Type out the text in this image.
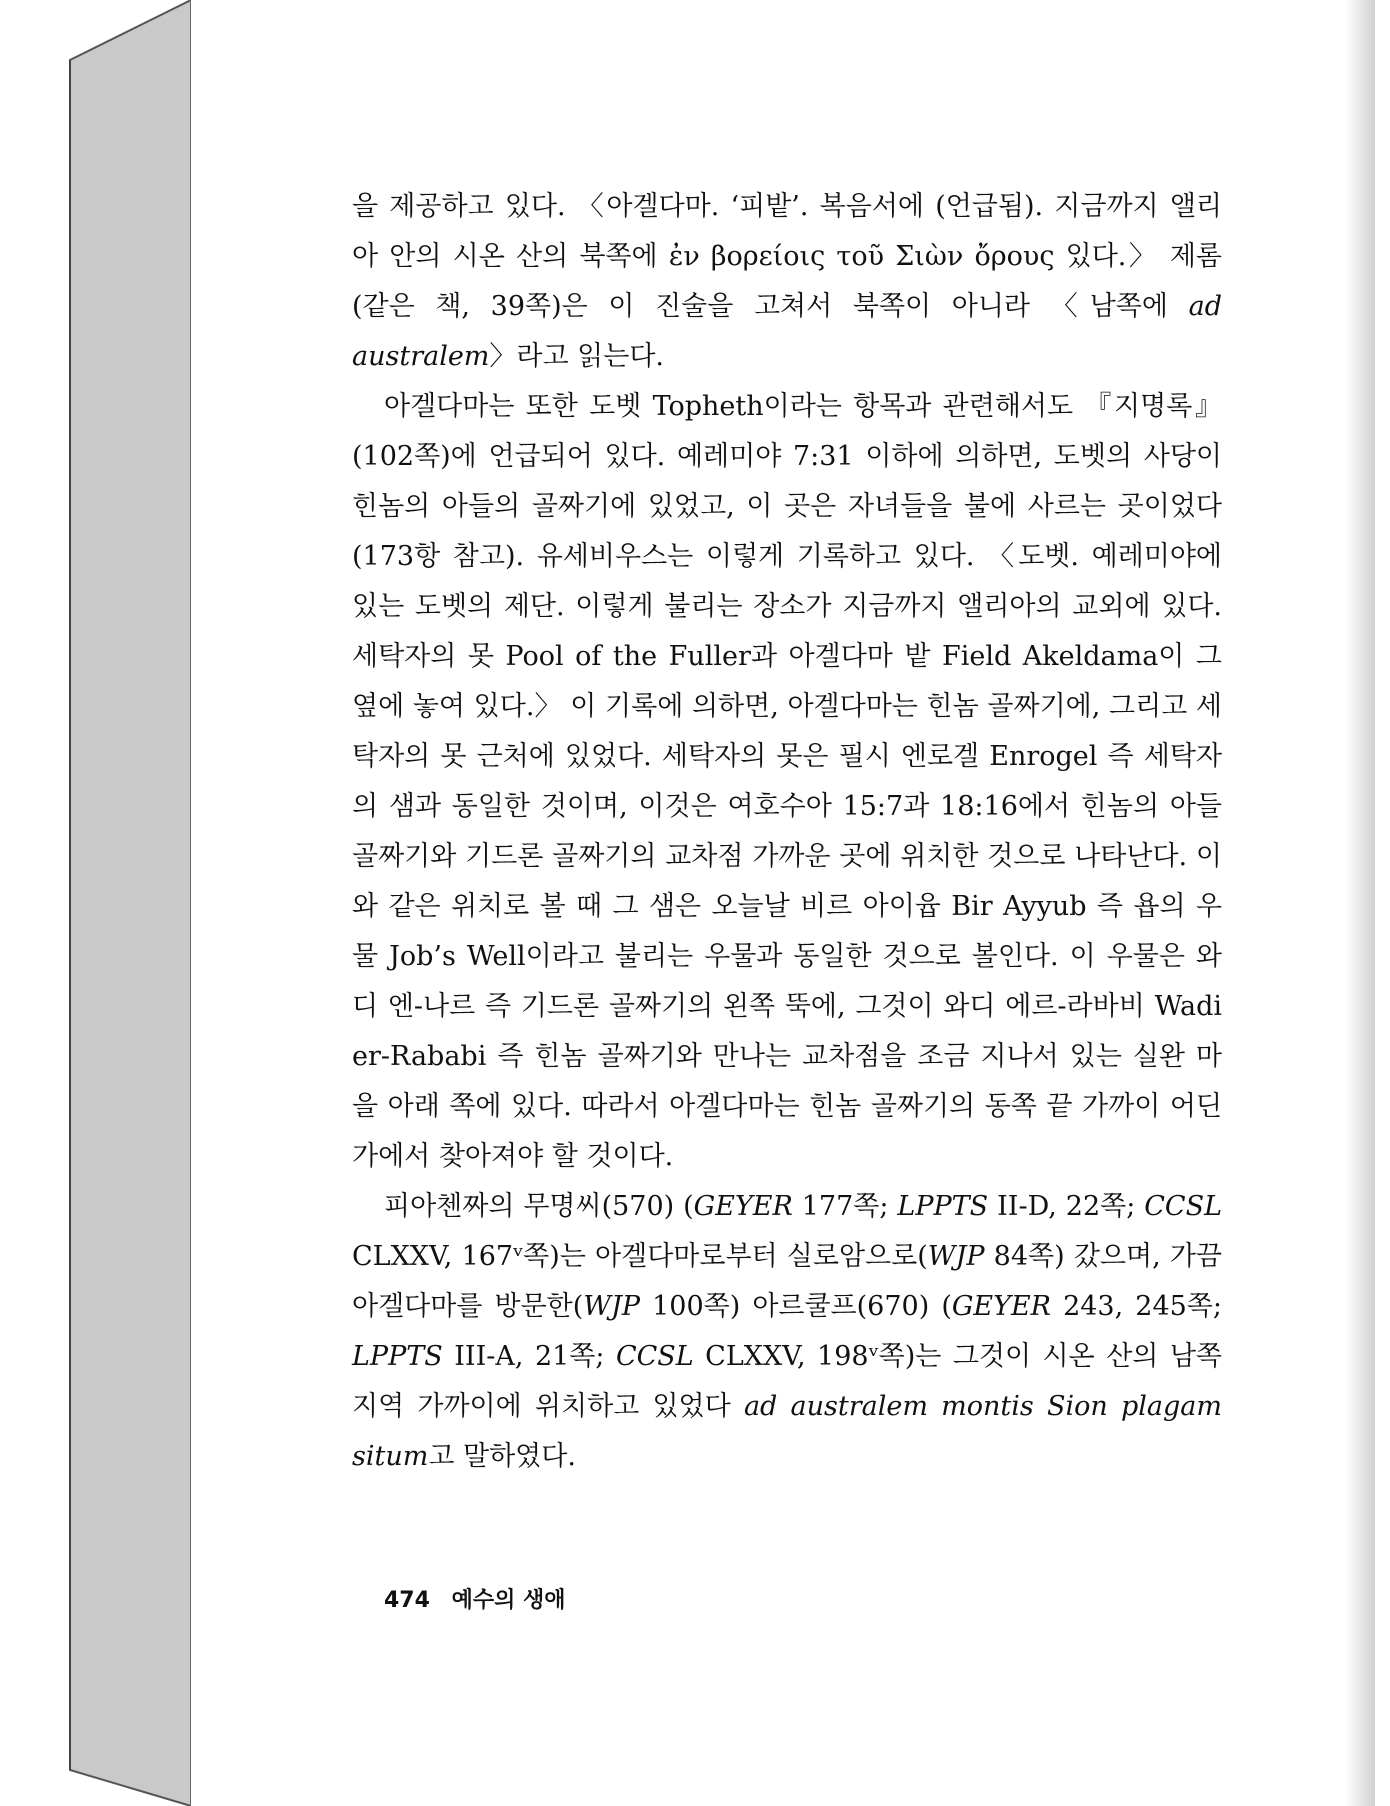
을 제공하고 있다. 〈아겔다마. ‘피밭’. 복음서에 (언급됨). 지금까지 앨리아 안의 시온 산의 북쪽에 ἐν βορείοις τοῦ Σιὼν ὄρους 있다.〉 제롬(같은 책, 39쪽)은 이 진술을 고쳐서 북쪽이 아니라 〈남쪽에 ad australem〉라고 읽는다.

아겔다마는 또한 도벳 Topheth이라는 항목과 관련해서도 『지명록』(102쪽)에 언급되어 있다. 예레미야 7:31 이하에 의하면, 도벳의 사당이 힌놈의 아들의 골짜기에 있었고, 이 곳은 자녀들을 불에 사르는 곳이었다(173항 참고). 유세비우스는 이렇게 기록하고 있다. 〈도벳. 예레미야에 있는 도벳의 제단. 이렇게 불리는 장소가 지금까지 앨리아의 교외에 있다. 세탁자의 못 Pool of the Fuller과 아겔다마 밭 Field Akeldama이 그 옆에 놓여 있다.〉 이 기록에 의하면, 아겔다마는 힌놈 골짜기에, 그리고 세탁자의 못 근처에 있었다. 세탁자의 못은 필시 엔로겔 Enrogel 즉 세탁자의 샘과 동일한 것이며, 이것은 여호수아 15:7과 18:16에서 힌놈의 아들 골짜기와 기드론 골짜기의 교차점 가까운 곳에 위치한 것으로 나타난다. 이와 같은 위치로 볼 때 그 샘은 오늘날 비르 아이윱 Bir Ayyub 즉 욥의 우물 Job’s Well이라고 불리는 우물과 동일한 것으로 볼인다. 이 우물은 와디 엔-나르 즉 기드론 골짜기의 왼쪽 뚝에, 그것이 와디 에르-라바비 Wadi er-Rababi 즉 힌놈 골짜기와 만나는 교차점을 조금 지나서 있는 실완 마을 아래 쪽에 있다. 따라서 아겔다마는 힌놈 골짜기의 동쪽 끝 가까이 어딘가에서 찾아져야 할 것이다.

피아첸짜의 무명씨(570) (GEYER 177쪽; LPPTS II-D, 22쪽; CCSL CLXXV, 167ᵛ쪽)는 아겔다마로부터 실로암으로(WJP 84쪽) 갔으며, 가끔 아겔다마를 방문한(WJP 100쪽) 아르쿨프(670) (GEYER 243, 245쪽; LPPTS III-A, 21쪽; CCSL CLXXV, 198ᵛ쪽)는 그것이 시온 산의 남쪽 지역 가까이에 위치하고 있었다 ad australem montis Sion plagam situm고 말하였다.

474 예수의 생애
